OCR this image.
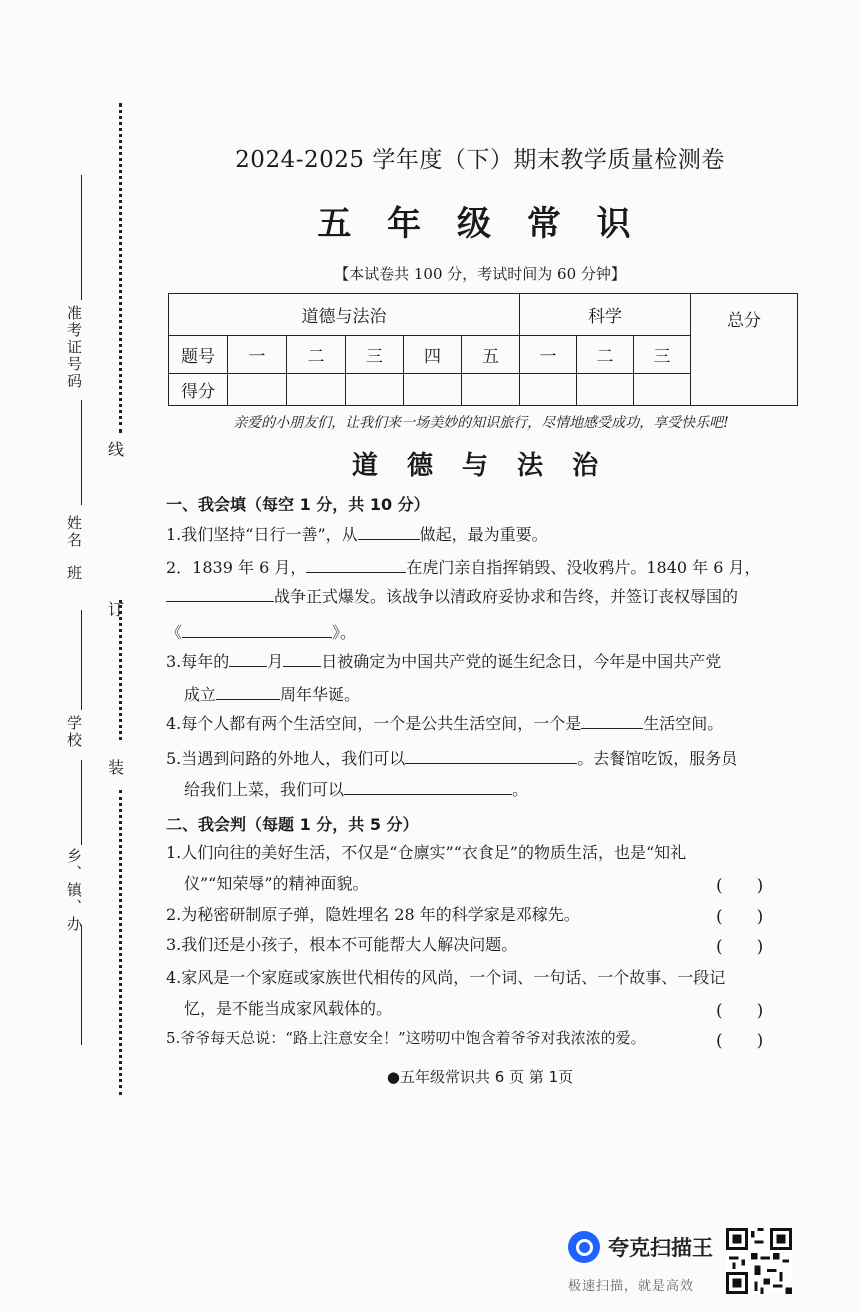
线
订
装
准考证号码
姓名
班
学校
乡、镇、办
2024-2025 学年度（下）期末教学质量检测卷
五 年 级 常 识
【本试卷共 100 分，考试时间为 60 分钟】
道德与法治						科学			总分
题号	一	二	三	四	五	一	二	三	
得分									
亲爱的小朋友们，让我们来一场美妙的知识旅行，尽情地感受成功，享受快乐吧!
道 德 与 法 治
一、我会填（每空 1 分，共 10 分）
1.我们坚持“日行一善”，从	做起，最为重要。
2．1839 年 6 月，	在虎门亲自指挥销毁、没收鸦片。1840 年 6 月，
战争正式爆发。该战争以清政府妥协求和告终，并签订丧权辱国的
《	》。
3.每年的 月 日被确定为中国共产党的诞生纪念日，今年是中国共产党
成立	周年华诞。
4.每个人都有两个生活空间，一个是公共生活空间，一个是	生活空间。
5.当遇到问路的外地人，我们可以	。去餐馆吃饭，服务员
给我们上菜，我们可以	。
二、我会判（每题 1 分，共 5 分）
1.人们向往的美好生活，不仅是“仓廪实”“衣食足”的物质生活，也是“知礼
仪”“知荣辱”的精神面貌。	(　　)
2.为秘密研制原子弹，隐姓埋名 28 年的科学家是邓稼先。	(　　)
3.我们还是小孩子，根本不可能帮大人解决问题。	(　　)
4.家风是一个家庭或家族世代相传的风尚，一个词、一句话、一个故事、一段记
忆，是不能当成家风载体的。	(　　)
5.爷爷每天总说：“路上注意安全！”这唠叨中饱含着爷爷对我浓浓的爱。	(　　)
●五年级常识共 6 页 第 1页
夸克扫描王
极速扫描，就是高效
